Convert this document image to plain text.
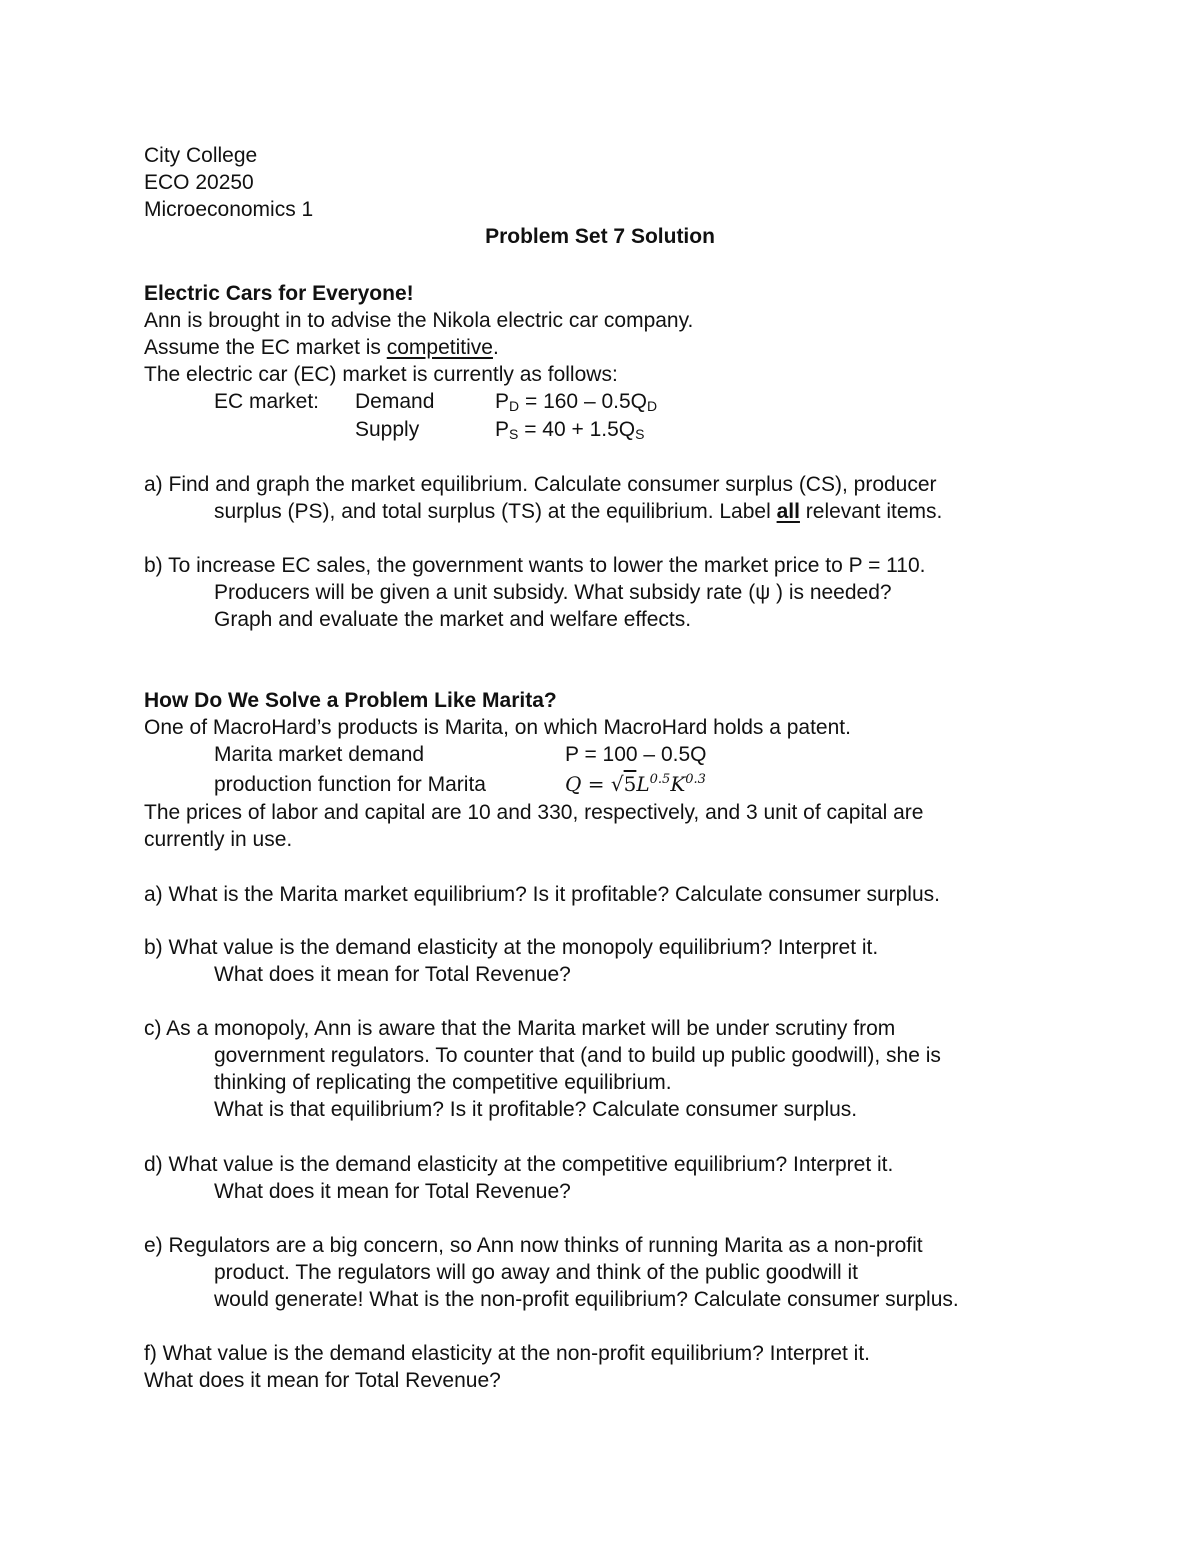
City College
ECO 20250
Microeconomics 1
Problem Set 7 Solution
Electric Cars for Everyone!
Ann is brought in to advise the Nikola electric car company.
Assume the EC market is competitive.
The electric car (EC) market is currently as follows:
EC market: Demand	$P_D = 160 - 0.5Q_D$
Supply	$P_S = 40 + 1.5Q_S$
a) Find and graph the market equilibrium. Calculate consumer surplus (CS), producer
surplus (PS), and total surplus (TS) at the equilibrium. Label all relevant items.
b) To increase EC sales, the government wants to lower the market price to P = 110.
Producers will be given a unit subsidy. What subsidy rate (ψ ) is needed?
Graph and evaluate the market and welfare effects.
How Do We Solve a Problem Like Marita?
One of MacroHard’s products is Marita, on which MacroHard holds a patent.
Marita market demand	P = 100 – 0.5Q
production function for Marita	$Q = √5L^{0.5}K^{0.3}$
The prices of labor and capital are 10 and 330, respectively, and 3 unit of capital are
currently in use.
a) What is the Marita market equilibrium? Is it profitable? Calculate consumer surplus.
b) What value is the demand elasticity at the monopoly equilibrium? Interpret it.
What does it mean for Total Revenue?
c) As a monopoly, Ann is aware that the Marita market will be under scrutiny from
government regulators. To counter that (and to build up public goodwill), she is
thinking of replicating the competitive equilibrium.
What is that equilibrium? Is it profitable? Calculate consumer surplus.
d) What value is the demand elasticity at the competitive equilibrium? Interpret it.
What does it mean for Total Revenue?
e) Regulators are a big concern, so Ann now thinks of running Marita as a non-profit
product. The regulators will go away and think of the public goodwill it
would generate! What is the non-profit equilibrium? Calculate consumer surplus.
f) What value is the demand elasticity at the non-profit equilibrium? Interpret it.
What does it mean for Total Revenue?
